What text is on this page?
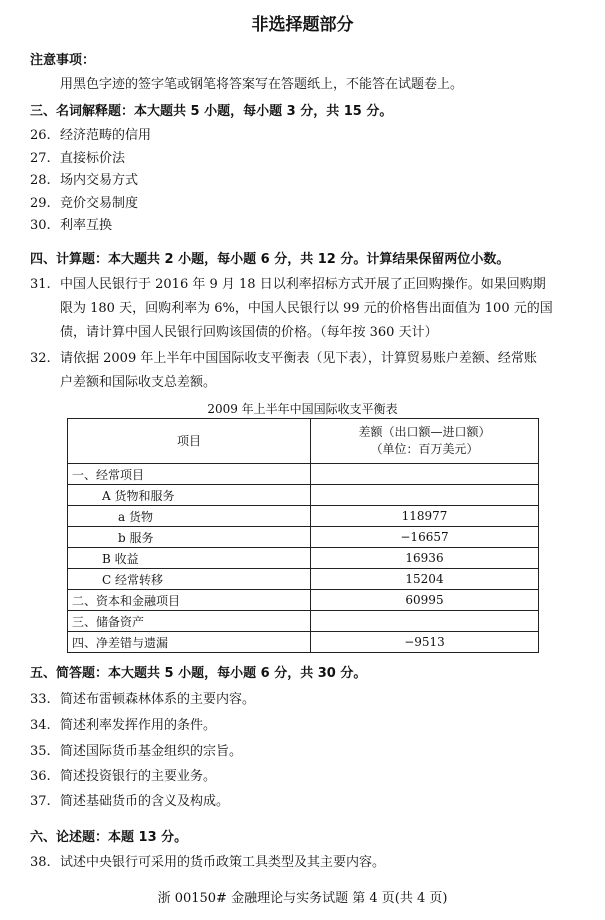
非选择题部分
注意事项：
用黑色字迹的签字笔或钢笔将答案写在答题纸上，不能答在试题卷上。
三、名词解释题：本大题共 5 小题，每小题 3 分，共 15 分。
26. 经济范畴的信用
27. 直接标价法
28. 场内交易方式
29. 竞价交易制度
30. 利率互换
四、计算题：本大题共 2 小题，每小题 6 分，共 12 分。计算结果保留两位小数。
31. 中国人民银行于 2016 年 9 月 18 日以利率招标方式开展了正回购操作。如果回购期
限为 180 天，回购利率为 6%，中国人民银行以 99 元的价格售出面值为 100 元的国
债，请计算中国人民银行回购该国债的价格。（每年按 360 天计）
32. 请依据 2009 年上半年中国国际收支平衡表（见下表），计算贸易账户差额、经常账
户差额和国际收支总差额。
2009 年上半年中国国际收支平衡表
项目	差额（出口额—进口额）
（单位：百万美元）

一、经常项目	
A 货物和服务	
a 货物	118977
b 服务	−16657
B 收益	16936
C 经常转移	15204
二、资本和金融项目	60995
三、储备资产	
四、净差错与遗漏	−9513
五、简答题：本大题共 5 小题，每小题 6 分，共 30 分。
33. 简述布雷顿森林体系的主要内容。
34. 简述利率发挥作用的条件。
35. 简述国际货币基金组织的宗旨。
36. 简述投资银行的主要业务。
37. 简述基础货币的含义及构成。
六、论述题：本题 13 分。
38. 试述中央银行可采用的货币政策工具类型及其主要内容。
浙 00150# 金融理论与实务试题 第 4 页(共 4 页)
